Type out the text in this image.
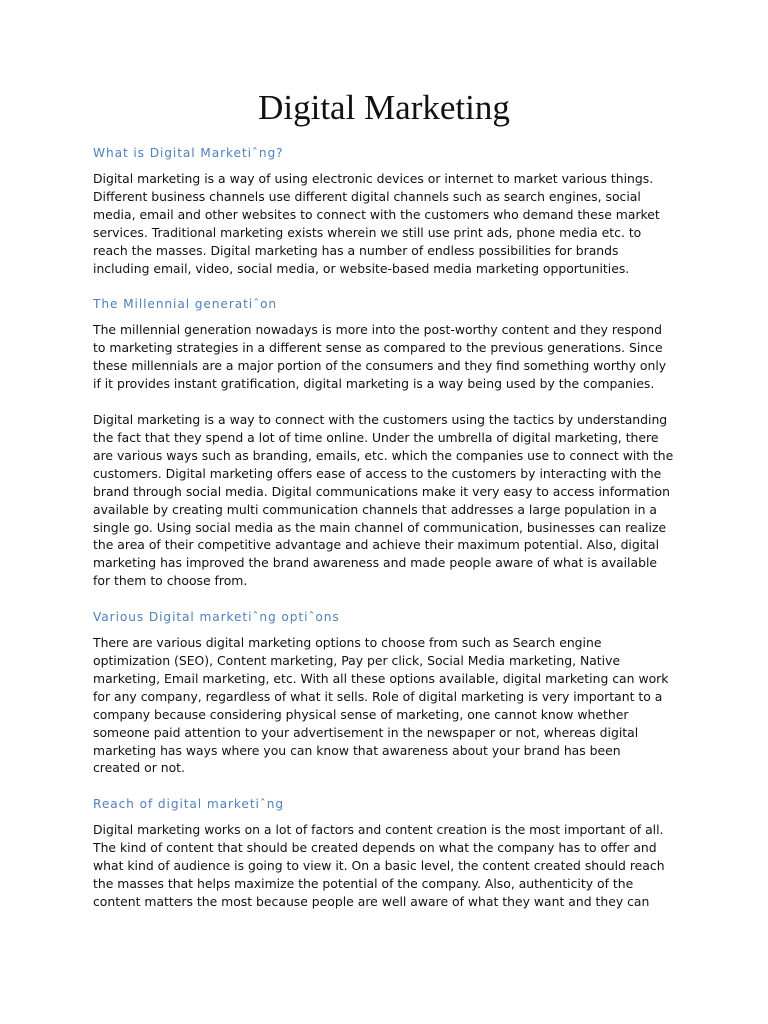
Digital Marketing
What is Digital Marketiˆng?

Digital marketing is a way of using electronic devices or internet to market various things.
Different business channels use different digital channels such as search engines, social
media, email and other websites to connect with the customers who demand these market
services. Traditional marketing exists wherein we still use print ads, phone media etc. to
reach the masses. Digital marketing has a number of endless possibilities for brands
including email, video, social media, or website-based media marketing opportunities.

The Millennial generatiˆon

The millennial generation nowadays is more into the post-worthy content and they respond
to marketing strategies in a different sense as compared to the previous generations. Since
these millennials are a major portion of the consumers and they find something worthy only
if it provides instant gratification, digital marketing is a way being used by the companies.

Digital marketing is a way to connect with the customers using the tactics by understanding
the fact that they spend a lot of time online. Under the umbrella of digital marketing, there
are various ways such as branding, emails, etc. which the companies use to connect with the
customers. Digital marketing offers ease of access to the customers by interacting with the
brand through social media. Digital communications make it very easy to access information
available by creating multi communication channels that addresses a large population in a
single go. Using social media as the main channel of communication, businesses can realize
the area of their competitive advantage and achieve their maximum potential. Also, digital
marketing has improved the brand awareness and made people aware of what is available
for them to choose from.

Various Digital marketiˆng optiˆons

There are various digital marketing options to choose from such as Search engine
optimization (SEO), Content marketing, Pay per click, Social Media marketing, Native
marketing, Email marketing, etc. With all these options available, digital marketing can work
for any company, regardless of what it sells. Role of digital marketing is very important to a
company because considering physical sense of marketing, one cannot know whether
someone paid attention to your advertisement in the newspaper or not, whereas digital
marketing has ways where you can know that awareness about your brand has been
created or not.

Reach of digital marketiˆng

Digital marketing works on a lot of factors and content creation is the most important of all.
The kind of content that should be created depends on what the company has to offer and
what kind of audience is going to view it. On a basic level, the content created should reach
the masses that helps maximize the potential of the company. Also, authenticity of the
content matters the most because people are well aware of what they want and they can
